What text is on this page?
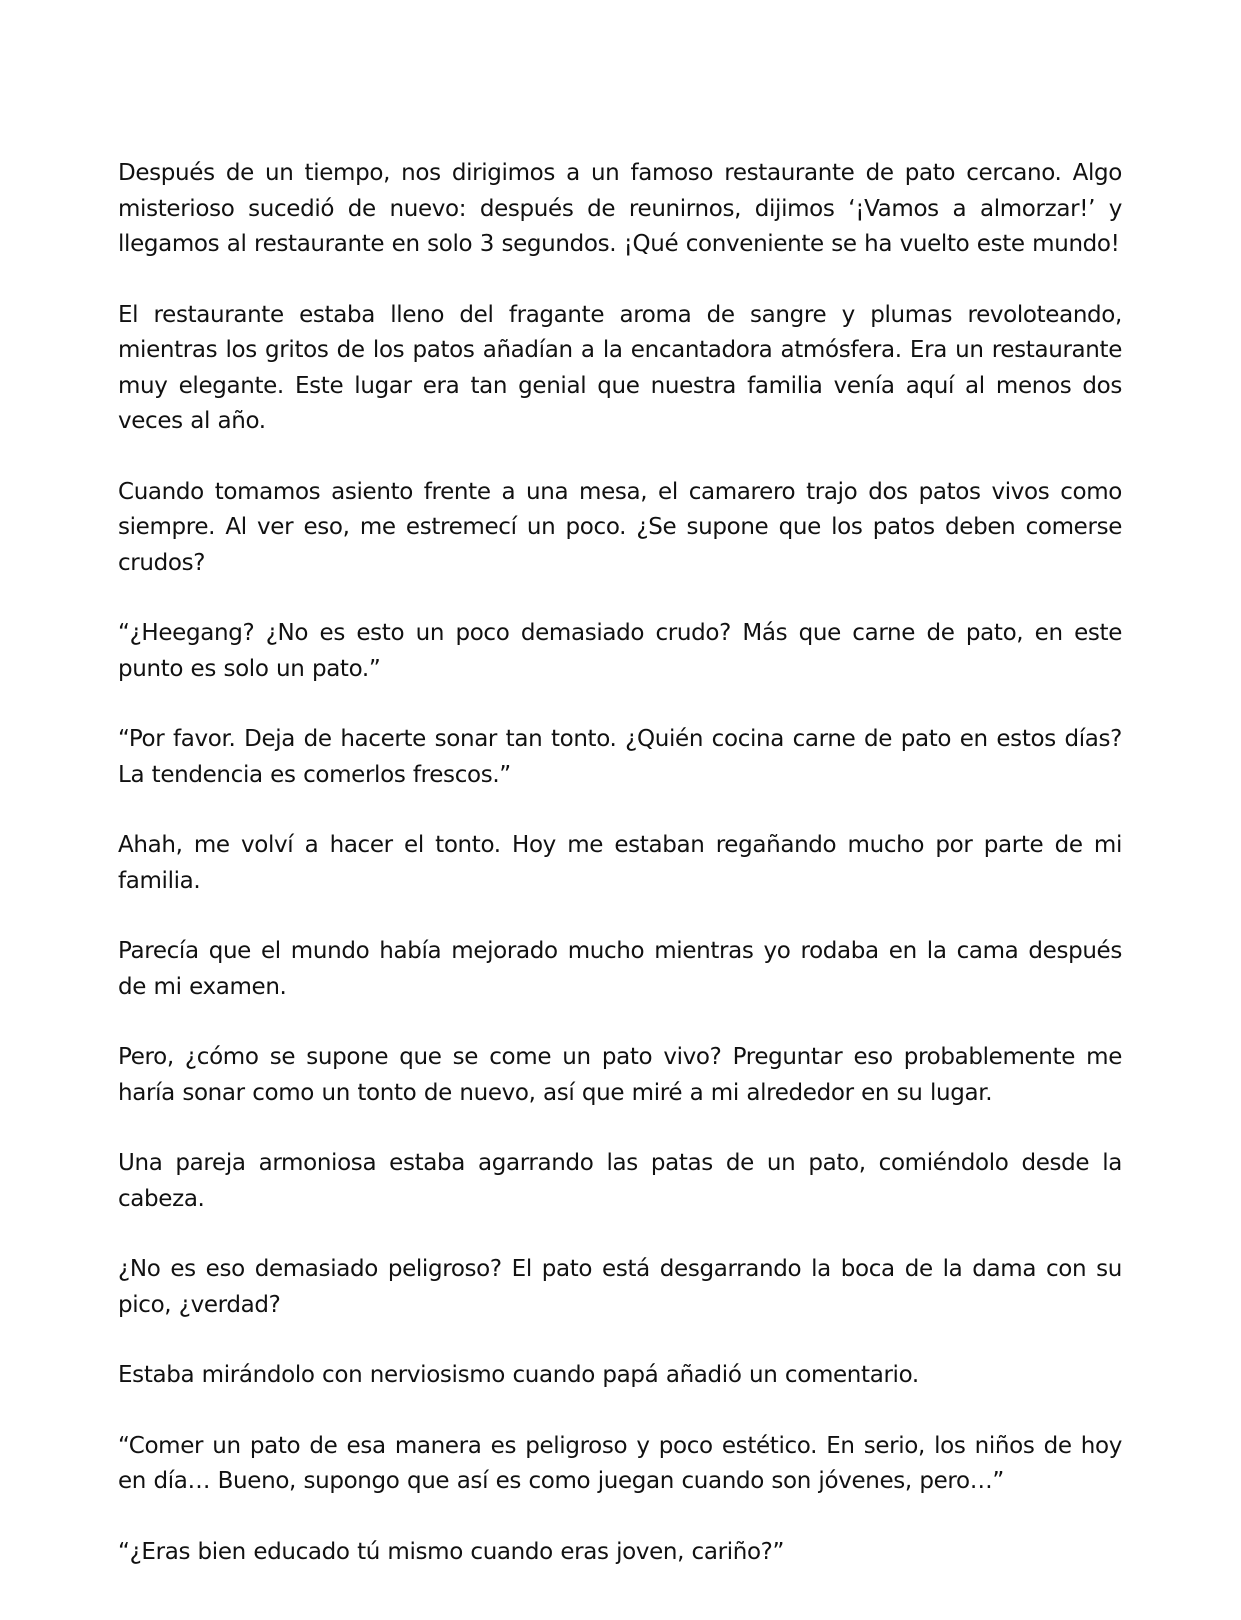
Después de un tiempo, nos dirigimos a un famoso restaurante de pato cercano. Algo misterioso sucedió de nuevo: después de reunirnos, dijimos ‘¡Vamos a almorzar!’ y llegamos al restaurante en solo 3 segundos. ¡Qué conveniente se ha vuelto este mundo!

El restaurante estaba lleno del fragante aroma de sangre y plumas revoloteando, mientras los gritos de los patos añadían a la encantadora atmósfera. Era un restaurante muy elegante. Este lugar era tan genial que nuestra familia venía aquí al menos dos veces al año.

Cuando tomamos asiento frente a una mesa, el camarero trajo dos patos vivos como siempre. Al ver eso, me estremecí un poco. ¿Se supone que los patos deben comerse crudos?

“¿Heegang? ¿No es esto un poco demasiado crudo? Más que carne de pato, en este punto es solo un pato.”

“Por favor. Deja de hacerte sonar tan tonto. ¿Quién cocina carne de pato en estos días? La tendencia es comerlos frescos.”

Ahah, me volví a hacer el tonto. Hoy me estaban regañando mucho por parte de mi familia.

Parecía que el mundo había mejorado mucho mientras yo rodaba en la cama después de mi examen.

Pero, ¿cómo se supone que se come un pato vivo? Preguntar eso probablemente me haría sonar como un tonto de nuevo, así que miré a mi alrededor en su lugar.

Una pareja armoniosa estaba agarrando las patas de un pato, comiéndolo desde la cabeza.

¿No es eso demasiado peligroso? El pato está desgarrando la boca de la dama con su pico, ¿verdad?

Estaba mirándolo con nerviosismo cuando papá añadió un comentario.

“Comer un pato de esa manera es peligroso y poco estético. En serio, los niños de hoy en día… Bueno, supongo que así es como juegan cuando son jóvenes, pero…”

“¿Eras bien educado tú mismo cuando eras joven, cariño?”
